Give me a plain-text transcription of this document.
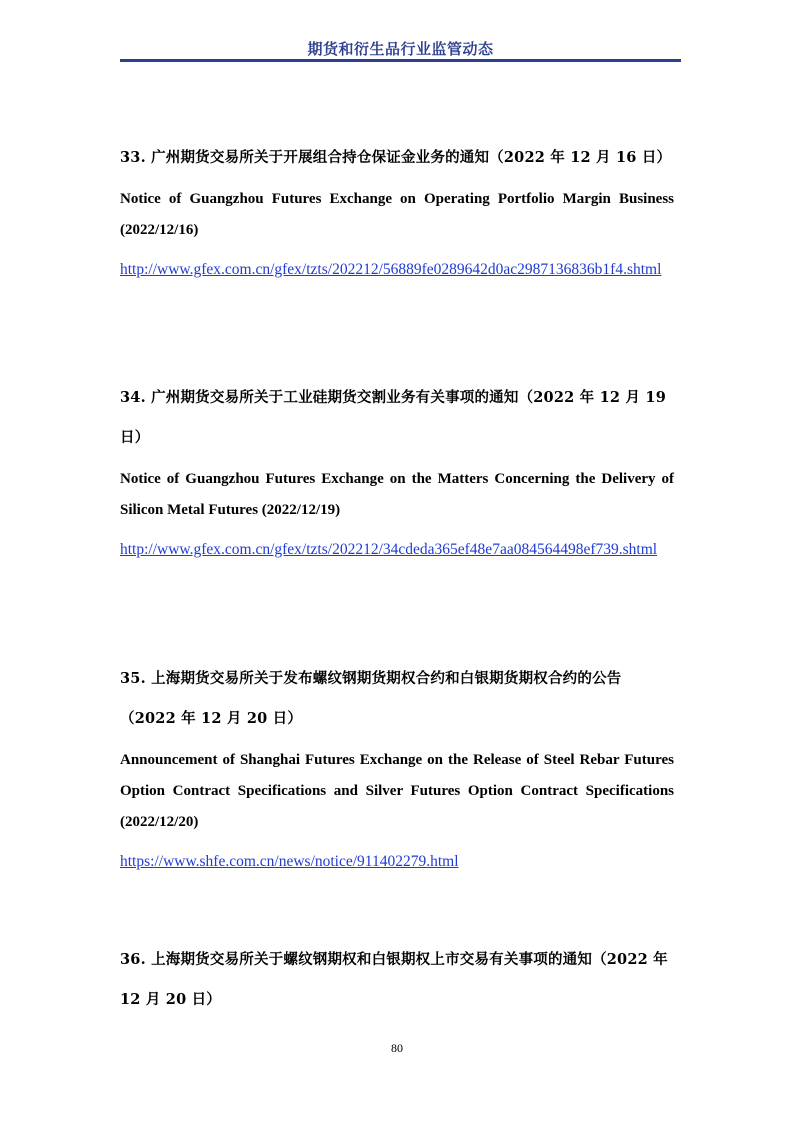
期货和衍生品行业监管动态
33. 广州期货交易所关于开展组合持仓保证金业务的通知（2022 年 12 月 16 日）
Notice of Guangzhou Futures Exchange on Operating Portfolio Margin Business (2022/12/16)
http://www.gfex.com.cn/gfex/tzts/202212/56889fe0289642d0ac2987136836b1f4.shtml
34. 广州期货交易所关于工业硅期货交割业务有关事项的通知（2022 年 12 月 19 日）
Notice of Guangzhou Futures Exchange on the Matters Concerning the Delivery of Silicon Metal Futures (2022/12/19)
http://www.gfex.com.cn/gfex/tzts/202212/34cdeda365ef48e7aa084564498ef739.shtml
35. 上海期货交易所关于发布螺纹钢期货期权合约和白银期货期权合约的公告（2022 年 12 月 20 日）
Announcement of Shanghai Futures Exchange on the Release of Steel Rebar Futures Option Contract Specifications and Silver Futures Option Contract Specifications (2022/12/20)
https://www.shfe.com.cn/news/notice/911402279.html
36. 上海期货交易所关于螺纹钢期权和白银期权上市交易有关事项的通知（2022 年 12 月 20 日）
80
